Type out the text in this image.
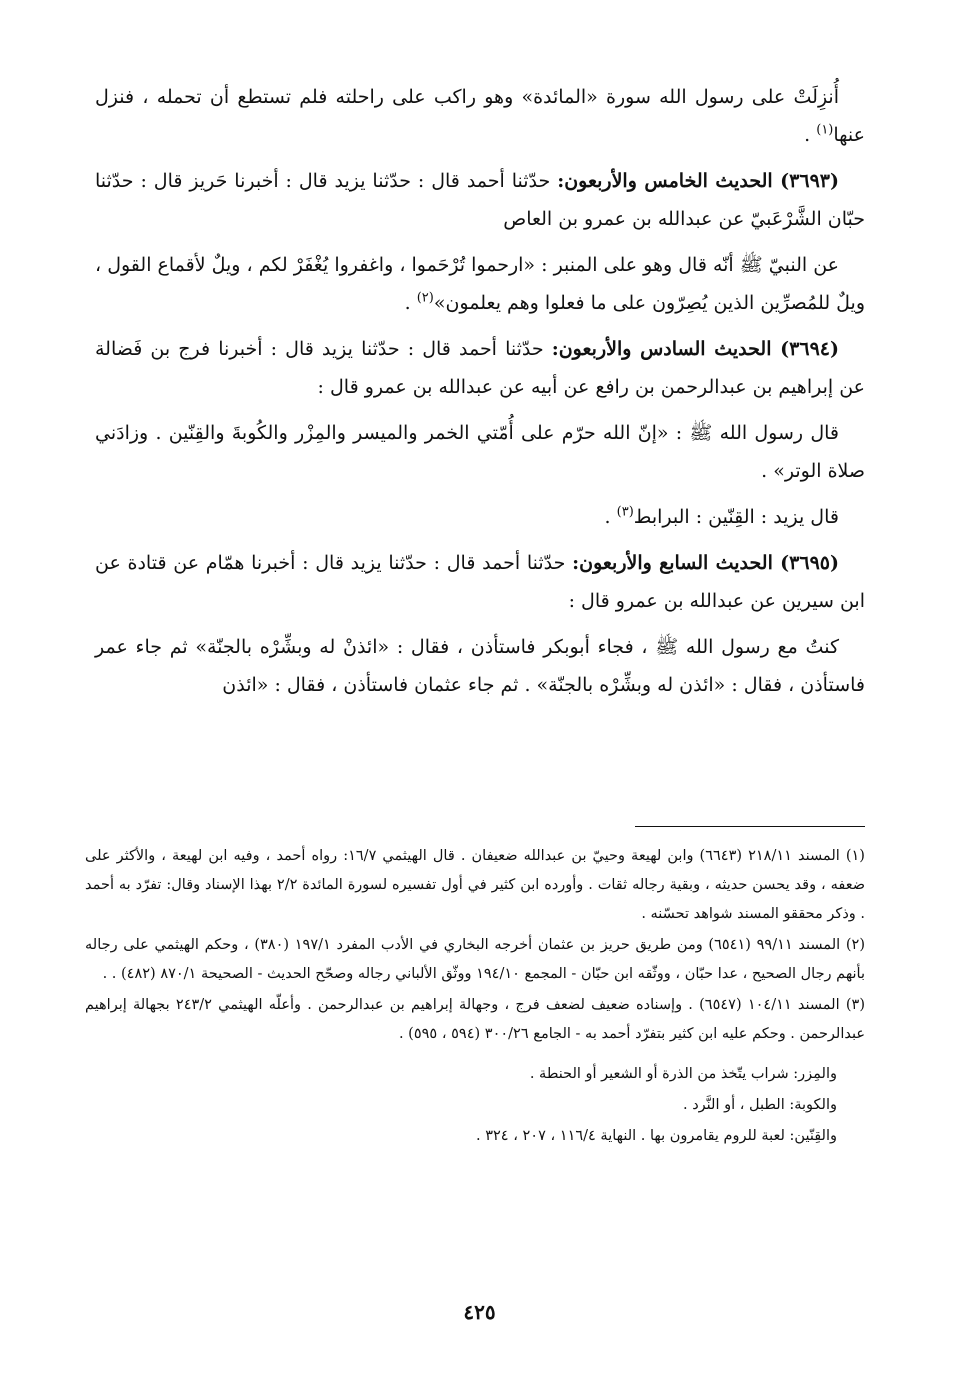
أُنزِلَتْ على رسول الله سورة «المائدة» وهو راكب على راحلته فلم تستطع أن تحمله ، فنزل عنها$^{(١)}$ .

(٣٦٩٣) الحديث الخامس والأربعون: حدّثنا أحمد قال : حدّثنا يزيد قال : أخبرنا حَريز قال : حدّثنا حبّان الشَّرْعَبيّ عن عبدالله بن عمرو بن العاص

عن النبيّ ﷺ أنّه قال وهو على المنبر : «ارحموا تُرْحَموا ، واغفروا يُغْفَرْ لكم ، ويلٌ لأقماع القول ، ويلٌ للمُصرِّين الذين يُصِرّون على ما فعلوا وهم يعلمون»$^{(٢)}$ .

(٣٦٩٤) الحديث السادس والأربعون: حدّثنا أحمد قال : حدّثنا يزيد قال : أخبرنا فرج بن فَضالة عن إبراهيم بن عبدالرحمن بن رافع عن أبيه عن عبدالله بن عمرو قال :

قال رسول الله ﷺ : «إنّ الله حرّم على أُمّتي الخمر والميسر والمِزْر والكُوبةَ والقِنّين . وزادَني صلاة الوتر» .

قال يزيد : القِنّين : البرابط$^{(٣)}$ .

(٣٦٩٥) الحديث السابع والأربعون: حدّثنا أحمد قال : حدّثنا يزيد قال : أخبرنا همّام عن قتادة عن ابن سيرين عن عبدالله بن عمرو قال :

كنتُ مع رسول الله ﷺ ، فجاء أبوبكر فاستأذن ، فقال : «ائذنْ له وبشِّرْه بالجنّة» ثم جاء عمر فاستأذن ، فقال : «ائذن له وبشِّرْه بالجنّة» . ثم جاء عثمان فاستأذن ، فقال : «ائذن

(١) المسند ٢١٨/١١ (٦٦٤٣) وابن لهيعة وحييّ بن عبدالله ضعيفان . قال الهيثمي ١٦/٧: رواه أحمد ، وفيه ابن لهيعة ، والأكثر على ضعفه ، وقد يحسن حديثه ، وبقية رجاله ثقات . وأورده ابن كثير في أول تفسيره لسورة المائدة ٢/٢ بهذا الإسناد وقال: تفرّد به أحمد . وذكر محققو المسند شواهد تحسّنه .

(٢) المسند ٩٩/١١ (٦٥٤١) ومن طريق حريز بن عثمان أخرجه البخاري في الأدب المفرد ١٩٧/١ (٣٨٠) ، وحكم الهيثمي على رجاله بأنهم رجال الصحيح ، عدا حبّان ، ووثّقه ابن حبّان - المجمع ١٩٤/١٠ ووثّق الألباني رجاله وصحّح الحديث - الصحيحة ٨٧٠/١ (٤٨٢) . .

(٣) المسند ١٠٤/١١ (٦٥٤٧) . وإسناده ضعيف لضعف فرج ، وجهالة إبراهيم بن عبدالرحمن . وأعلّه الهيثمي ٢٤٣/٢ بجهالة إبراهيم عبدالرحمن . وحكم عليه ابن كثير بتفرّد أحمد به - الجامع ٣٠٠/٢٦ (٥٩٤ ، ٥٩٥) .

والمِزر: شراب يتّخذ من الذرة أو الشعير أو الحنطة .

والكوبة: الطبل ، أو النَّرد .

والقِنّين: لعبة للروم يقامرون بها . النهاية ١١٦/٤ ، ٢٠٧ ، ٣٢٤ .

٤٢٥
